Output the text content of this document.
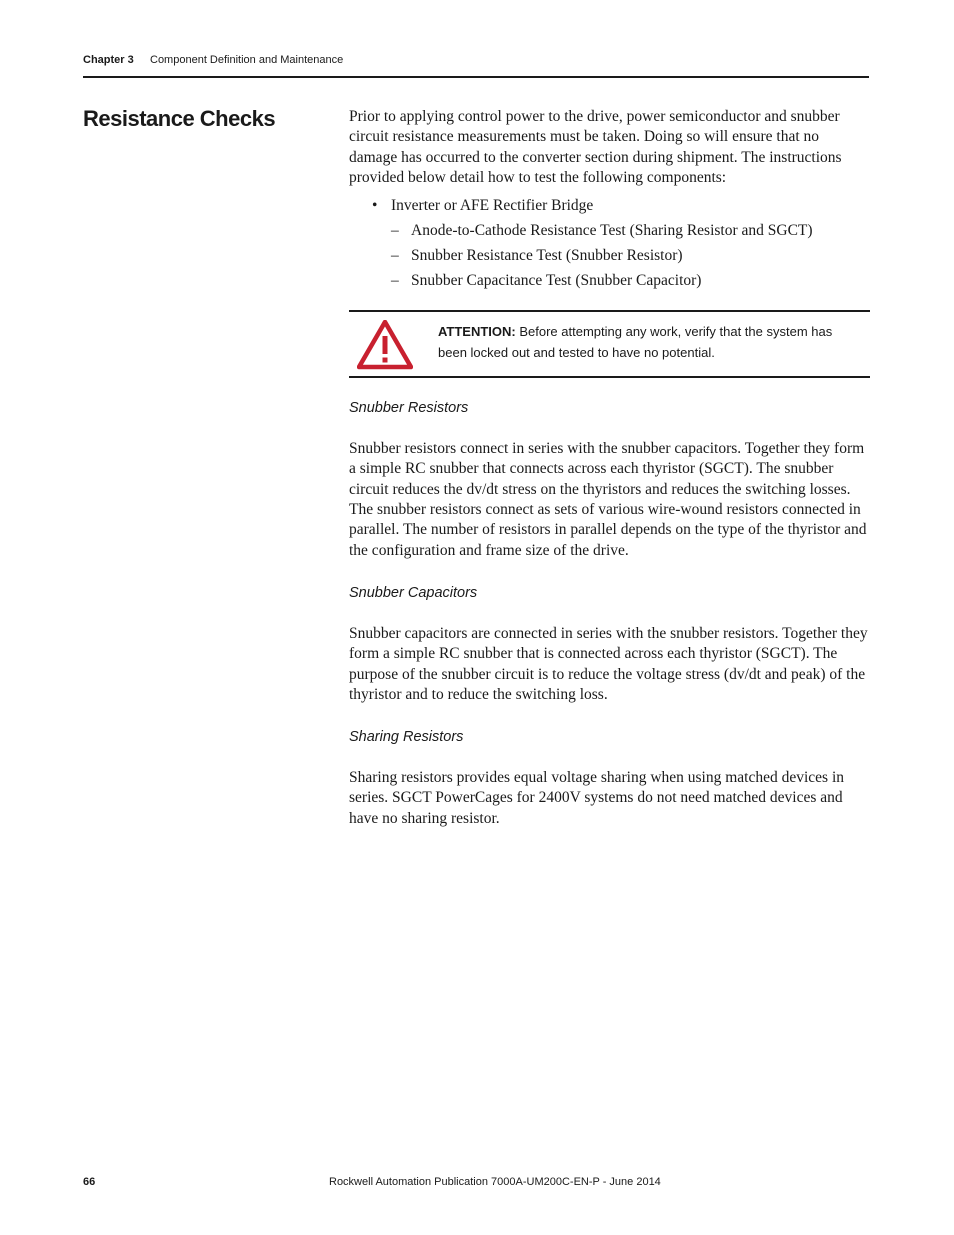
Chapter 3 Component Definition and Maintenance
Resistance Checks	Prior to applying control power to the drive, power semiconductor and snubber circuit resistance measurements must be taken. Doing so will ensure that no damage has occurred to the converter section during shipment. The instructions provided below detail how to test the following components:

• Inverter or AFE Rectifier Bridge
– Anode-to-Cathode Resistance Test (Sharing Resistor and SGCT)
– Snubber Resistance Test (Snubber Resistor)
– Snubber Capacitance Test (Snubber Capacitor)
ATTENTION: Before attempting any work, verify that the system has been locked out and tested to have no potential.
Snubber Resistors

Snubber resistors connect in series with the snubber capacitors. Together they form a simple RC snubber that connects across each thyristor (SGCT). The snubber circuit reduces the dv/dt stress on the thyristors and reduces the switching losses. The snubber resistors connect as sets of various wire-wound resistors connected in parallel. The number of resistors in parallel depends on the type of the thyristor and the configuration and frame size of the drive.

Snubber Capacitors

Snubber capacitors are connected in series with the snubber resistors. Together they form a simple RC snubber that is connected across each thyristor (SGCT). The purpose of the snubber circuit is to reduce the voltage stress (dv/dt and peak) of the thyristor and to reduce the switching loss.

Sharing Resistors

Sharing resistors provides equal voltage sharing when using matched devices in series. SGCT PowerCages for 2400V systems do not need matched devices and have no sharing resistor.

66	Rockwell Automation Publication 7000A-UM200C-EN-P - June 2014
